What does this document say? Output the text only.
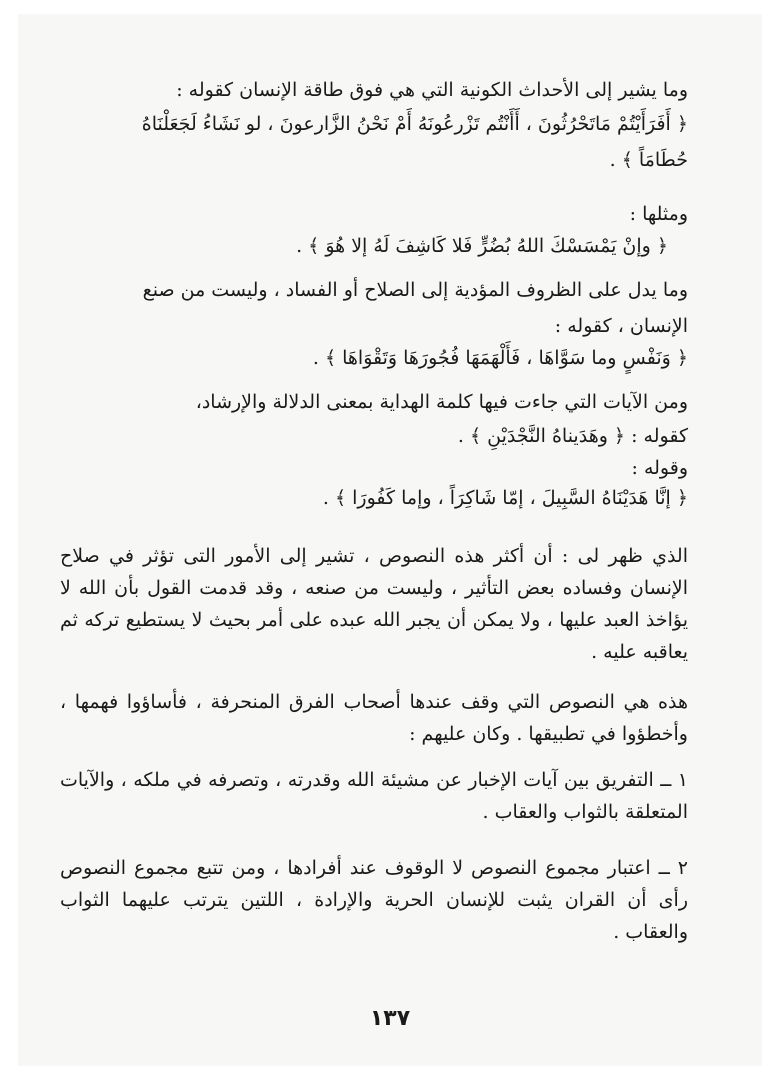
وما يشير إلى الأحداث الكونية التي هي فوق طاقة الإنسان كقوله :
﴿ أَفَرَأَيْتُمْ مَاتَحْرُثُونَ ، أَأَنْتُم تَزْرعُونَهُ أَمْ نَحْنُ الزَّارعونَ ، لو نَشَاءُ لَجَعَلْنَاهُ
حُطَامَاً ﴾ .
ومثلها :
﴿ وإنْ يَمْسَسْكَ اللهُ بُضُرٍّ فَلا كَاشِفَ لَهُ إلا هُوَ ﴾ .
وما يدل على الظروف المؤدية إلى الصلاح أو الفساد ، وليست من صنع
الإنسان ، كقوله :
﴿ وَنَفْسٍ وما سَوَّاهَا ، فَأَلْهَمَهَا فُجُورَهَا وَتَقْوَاهَا ﴾ .
ومن الآيات التي جاءت فيها كلمة الهداية بمعنى الدلالة والإرشاد،
كقوله : ﴿ وهَدَيناهُ النَّجْدَيْنِ ﴾ .
وقوله :
﴿ إنَّا هَدَيْنَاهُ السَّبِيلَ ، إمّا شَاكِرَاً ، وإما كَفُورَا ﴾ .
الذي ظهر لى : أن أكثر هذه النصوص ، تشير إلى الأمور التى تؤثر في صلاح الإنسان وفساده بعض التأثير ، وليست من صنعه ، وقد قدمت القول بأن الله لا يؤاخذ العبد عليها ، ولا يمكن أن يجبر الله عبده على أمر بحيث لا يستطيع تركه ثم يعاقبه عليه .
هذه هي النصوص التي وقف عندها أصحاب الفرق المنحرفة ، فأساؤوا فهمها ، وأخطؤوا في تطبيقها . وكان عليهم :
١ ــ التفريق بين آيات الإخبار عن مشيئة الله وقدرته ، وتصرفه في ملكه ، والآيات المتعلقة بالثواب والعقاب .
٢ ــ اعتبار مجموع النصوص لا الوقوف عند أفرادها ، ومن تتبع مجموع النصوص رأى أن القران يثبت للإنسان الحرية والإرادة ، اللتين يترتب عليهما الثواب والعقاب .
١٣٧
